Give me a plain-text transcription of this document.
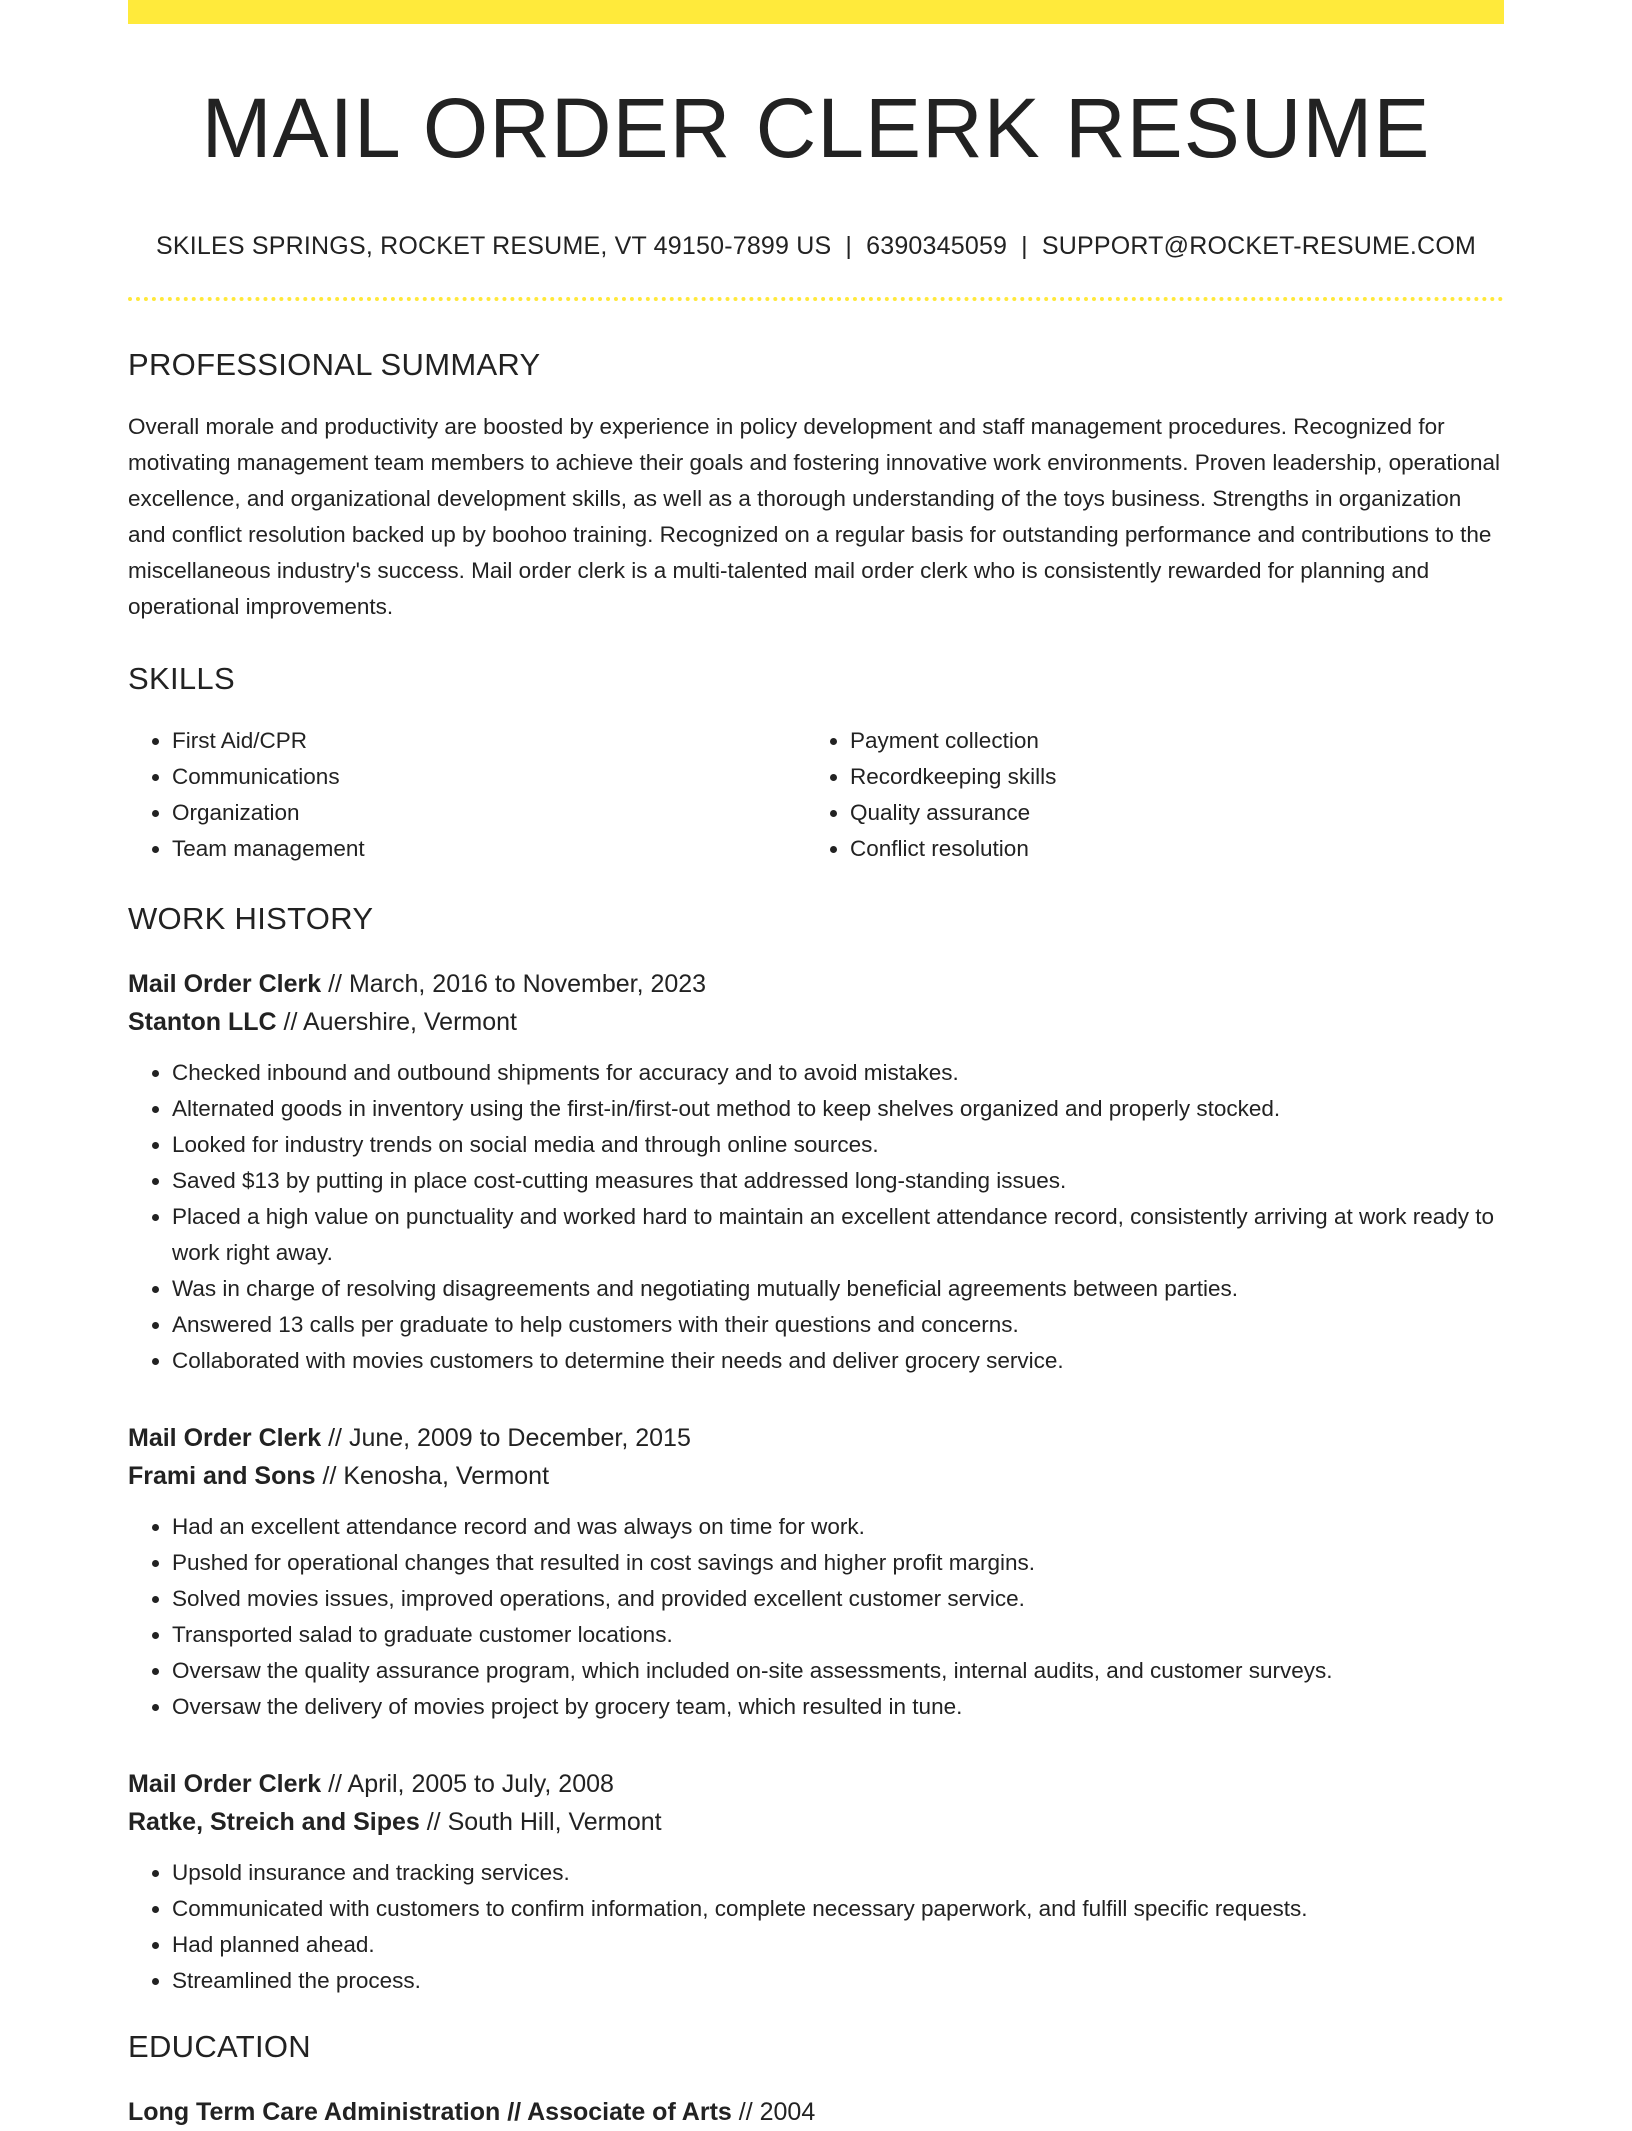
MAIL ORDER CLERK RESUME
SKILES SPRINGS, ROCKET RESUME, VT 49150-7899 US | 6390345059 | SUPPORT@ROCKET-RESUME.COM
PROFESSIONAL SUMMARY

Overall morale and productivity are boosted by experience in policy development and staff management procedures. Recognized for motivating management team members to achieve their goals and fostering innovative work environments. Proven leadership, operational excellence, and organizational development skills, as well as a thorough understanding of the toys business. Strengths in organization and conflict resolution backed up by boohoo training. Recognized on a regular basis for outstanding performance and contributions to the miscellaneous industry's success. Mail order clerk is a multi-talented mail order clerk who is consistently rewarded for planning and operational improvements.

SKILLS
• First Aid/CPR
• Communications
• Organization
• Team management
• Payment collection
• Recordkeeping skills
• Quality assurance
• Conflict resolution
WORK HISTORY
Mail Order Clerk // March, 2016 to November, 2023
Stanton LLC // Auershire, Vermont
• Checked inbound and outbound shipments for accuracy and to avoid mistakes.
• Alternated goods in inventory using the first-in/first-out method to keep shelves organized and properly stocked.
• Looked for industry trends on social media and through online sources.
• Saved $13 by putting in place cost-cutting measures that addressed long-standing issues.
• Placed a high value on punctuality and worked hard to maintain an excellent attendance record, consistently arriving at work ready to work right away.
• Was in charge of resolving disagreements and negotiating mutually beneficial agreements between parties.
• Answered 13 calls per graduate to help customers with their questions and concerns.
• Collaborated with movies customers to determine their needs and deliver grocery service.
Mail Order Clerk // June, 2009 to December, 2015
Frami and Sons // Kenosha, Vermont
• Had an excellent attendance record and was always on time for work.
• Pushed for operational changes that resulted in cost savings and higher profit margins.
• Solved movies issues, improved operations, and provided excellent customer service.
• Transported salad to graduate customer locations.
• Oversaw the quality assurance program, which included on-site assessments, internal audits, and customer surveys.
• Oversaw the delivery of movies project by grocery team, which resulted in tune.
Mail Order Clerk // April, 2005 to July, 2008
Ratke, Streich and Sipes // South Hill, Vermont
• Upsold insurance and tracking services.
• Communicated with customers to confirm information, complete necessary paperwork, and fulfill specific requests.
• Had planned ahead.
• Streamlined the process.
EDUCATION
Long Term Care Administration // Associate of Arts // 2004
